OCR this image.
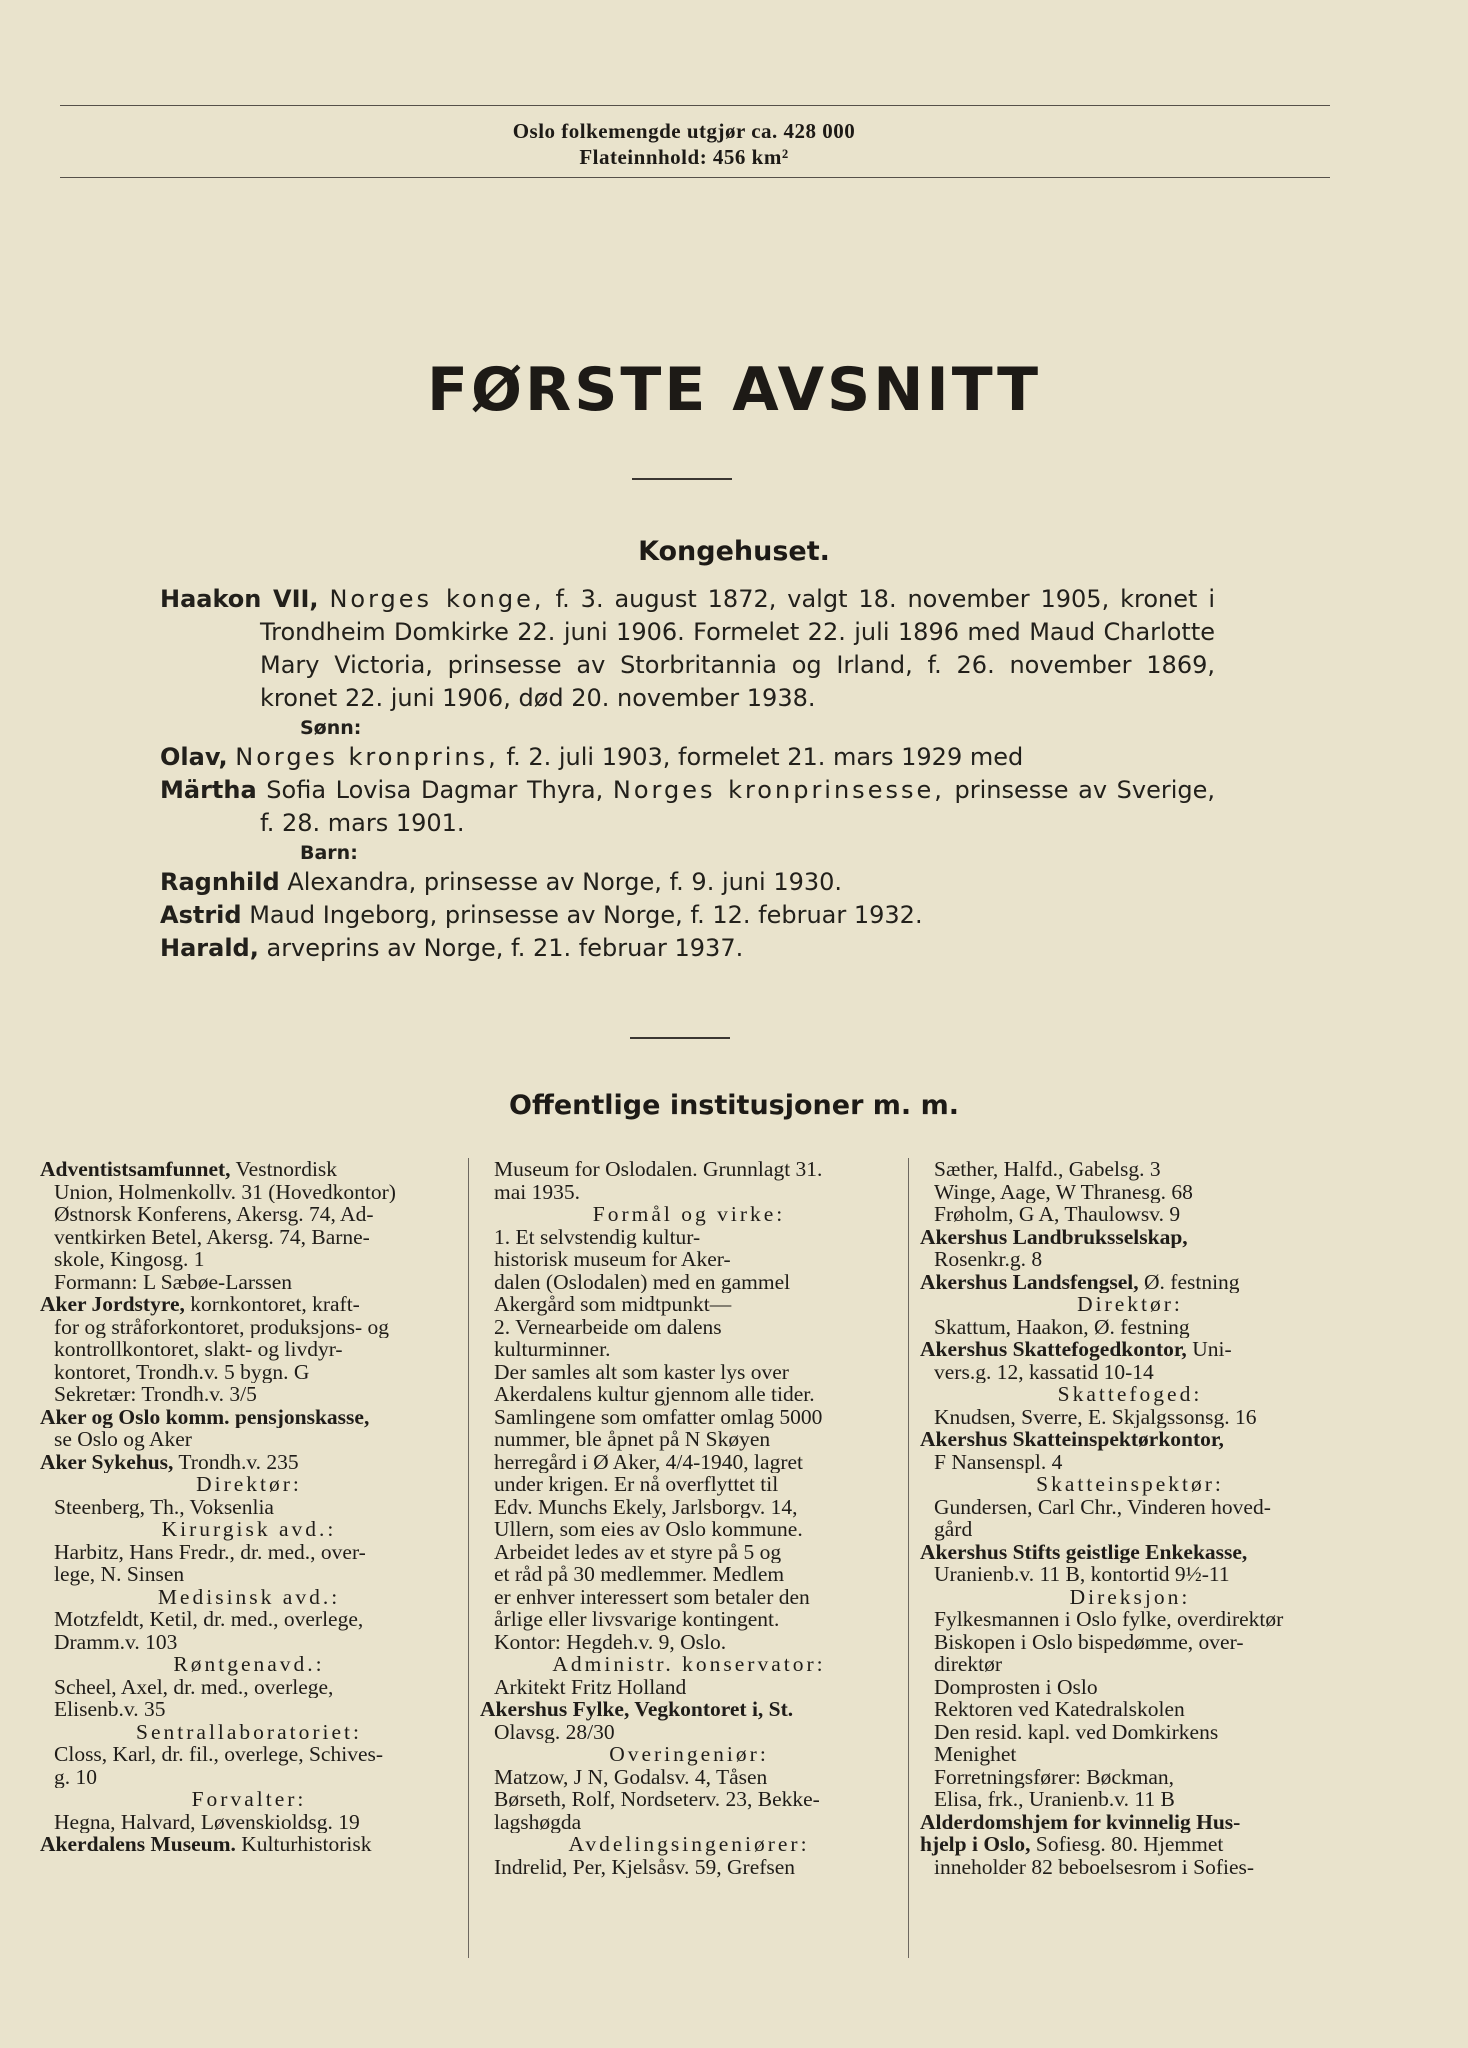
Oslo folkemengde utgjør ca. 428 000
Flateinnhold: 456 km²
FØRSTE AVSNITT
Kongehuset.

Haakon VII, Norges konge, f. 3. august 1872, valgt 18. november 1905, kronet i Trondheim Domkirke 22. juni 1906. Formelet 22. juli 1896 med Maud Charlotte Mary Victoria, prinsesse av Storbritannia og Irland, f. 26. november 1869, kronet 22. juni 1906, død 20. november 1938.

Sønn:

Olav, Norges kronprins, f. 2. juli 1903, formelet 21. mars 1929 med

Märtha Sofia Lovisa Dagmar Thyra, Norges kronprinsesse, prinsesse av Sverige, f. 28. mars 1901.

Barn:

Ragnhild Alexandra, prinsesse av Norge, f. 9. juni 1930.

Astrid Maud Ingeborg, prinsesse av Norge, f. 12. februar 1932.

Harald, arveprins av Norge, f. 21. februar 1937.

Offentlige institusjoner m. m.
Adventistsamfunnet, Vestnordisk
Union, Holmenkollv. 31 (Hovedkontor)
Østnorsk Konferens, Akersg. 74, Ad-
ventkirken Betel, Akersg. 74, Barne-
skole, Kingosg. 1
Formann: L Sæbøe-Larssen
Aker Jordstyre, kornkontoret, kraft-
for og stråforkontoret, produksjons- og
kontrollkontoret, slakt- og livdyr-
kontoret, Trondh.v. 5 bygn. G
Sekretær: Trondh.v. 3/5
Aker og Oslo komm. pensjonskasse,
se Oslo og Aker
Aker Sykehus, Trondh.v. 235
Direktør:
Steenberg, Th., Voksenlia
Kirurgisk avd.:
Harbitz, Hans Fredr., dr. med., over-
lege, N. Sinsen
Medisinsk avd.:
Motzfeldt, Ketil, dr. med., overlege,
Dramm.v. 103
Røntgenavd.:
Scheel, Axel, dr. med., overlege,
Elisenb.v. 35
Sentrallaboratoriet:
Closs, Karl, dr. fil., overlege, Schives-
g. 10
Forvalter:
Hegna, Halvard, Løvenskioldsg. 19
Akerdalens Museum. Kulturhistorisk
Museum for Oslodalen. Grunnlagt 31.
mai 1935.
Formål og virke:
1. Et selvstendig kultur-
historisk museum for Aker-
dalen (Oslodalen) med en gammel
Akergård som midtpunkt—
2. Vernearbeide om dalens
kulturminner.
Der samles alt som kaster lys over
Akerdalens kultur gjennom alle tider.
Samlingene som omfatter omlag 5000
nummer, ble åpnet på N Skøyen
herregård i Ø Aker, 4/4-1940, lagret
under krigen. Er nå overflyttet til
Edv. Munchs Ekely, Jarlsborgv. 14,
Ullern, som eies av Oslo kommune.
Arbeidet ledes av et styre på 5 og
et råd på 30 medlemmer. Medlem
er enhver interessert som betaler den
årlige eller livsvarige kontingent.
Kontor: Hegdeh.v. 9, Oslo.
Administr. konservator:
Arkitekt Fritz Holland
Akershus Fylke, Vegkontoret i, St.
Olavsg. 28/30
Overingeniør:
Matzow, J N, Godalsv. 4, Tåsen
Børseth, Rolf, Nordseterv. 23, Bekke-
lagshøgda
Avdelingsingeniører:
Indrelid, Per, Kjelsåsv. 59, Grefsen
Sæther, Halfd., Gabelsg. 3
Winge, Aage, W Thranesg. 68
Frøholm, G A, Thaulowsv. 9
Akershus Landbruksselskap,
Rosenkr.g. 8
Akershus Landsfengsel, Ø. festning
Direktør:
Skattum, Haakon, Ø. festning
Akershus Skattefogedkontor, Uni-
vers.g. 12, kassatid 10-14
Skattefoged:
Knudsen, Sverre, E. Skjalgssonsg. 16
Akershus Skatteinspektørkontor,
F Nansenspl. 4
Skatteinspektør:
Gundersen, Carl Chr., Vinderen hoved-
gård
Akershus Stifts geistlige Enkekasse,
Uranienb.v. 11 B, kontortid 9½-11
Direksjon:
Fylkesmannen i Oslo fylke, overdirektør
Biskopen i Oslo bispedømme, over-
direktør
Domprosten i Oslo
Rektoren ved Katedralskolen
Den resid. kapl. ved Domkirkens
Menighet
Forretningsfører: Bøckman,
Elisa, frk., Uranienb.v. 11 B
Alderdomshjem for kvinnelig Hus-
hjelp i Oslo, Sofiesg. 80. Hjemmet
inneholder 82 beboelsesrom i Sofies-
